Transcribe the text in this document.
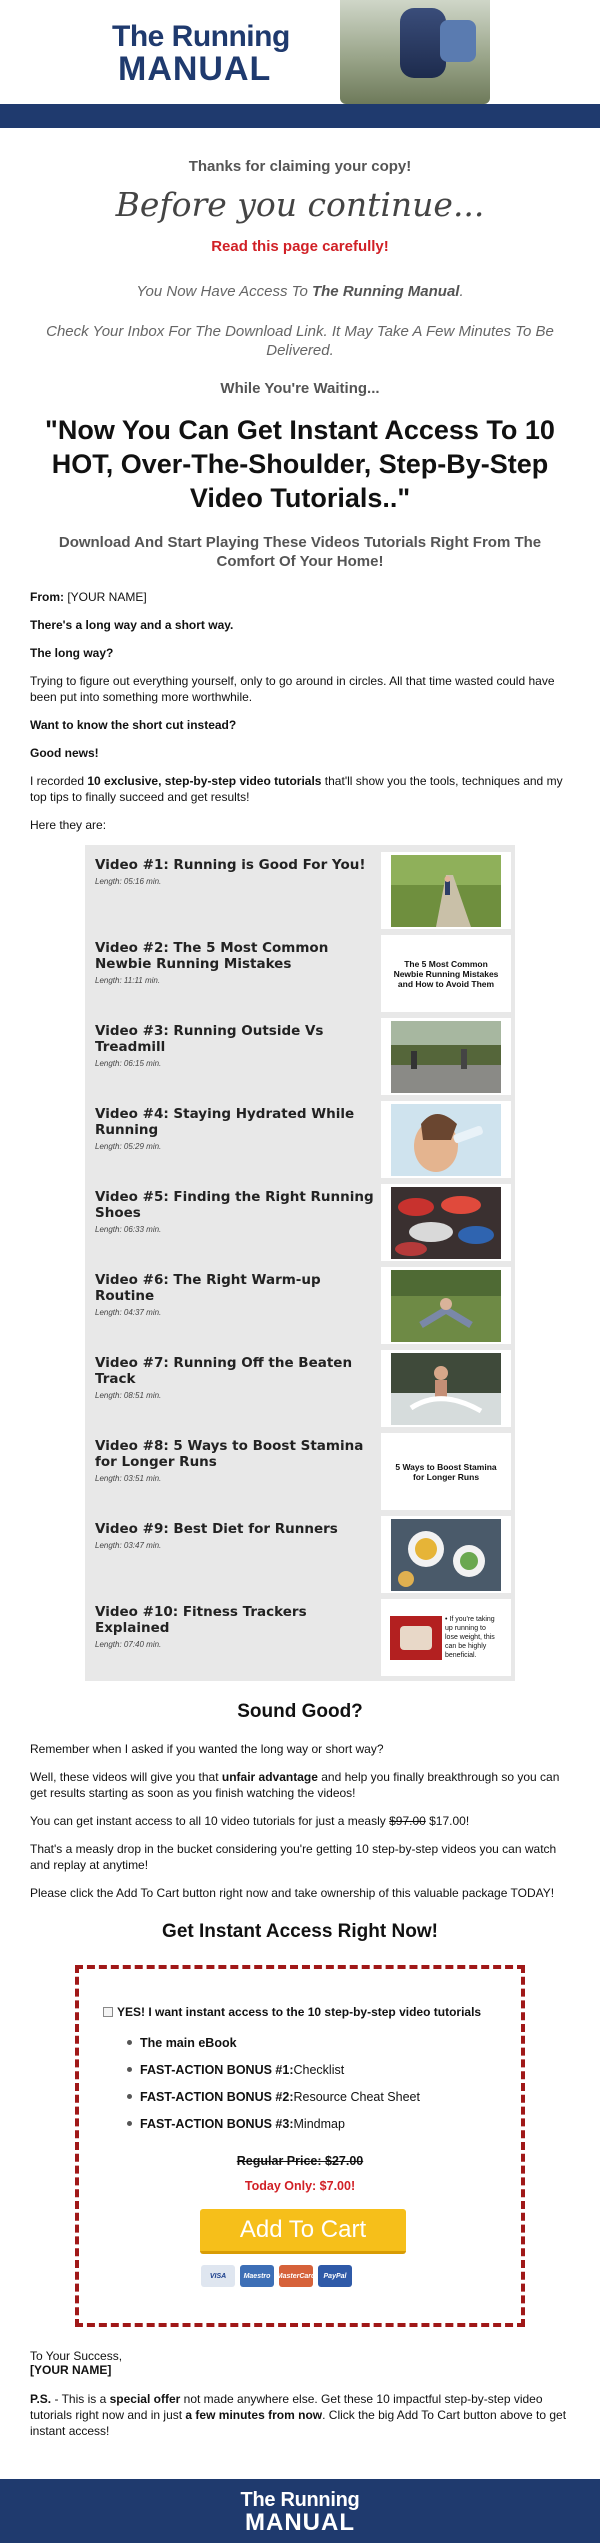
The Running
MANUAL
Thanks for claiming your copy!
Before you continue...
Read this page carefully!
You Now Have Access To The Running Manual.
Check Your Inbox For The Download Link. It May Take A Few Minutes To Be Delivered.
While You're Waiting...
"Now You Can Get Instant Access To 10 HOT, Over-The-Shoulder, Step-By-Step Video Tutorials.."
Download And Start Playing These Videos Tutorials Right From The Comfort Of Your Home!

From: [YOUR NAME]

There's a long way and a short way.

The long way?

Trying to figure out everything yourself, only to go around in circles. All that time wasted could have been put into something more worthwhile.

Want to know the short cut instead?

Good news!

I recorded 10 exclusive, step-by-step video tutorials that'll show you the tools, techniques and my top tips to finally succeed and get results!

Here they are:

Video #1: Running is Good For You!
Length: 05:16 min.
Video #2: The 5 Most Common Newbie Running Mistakes
Length: 11:11 min.
The 5 Most Common Newbie Running Mistakes and How to Avoid Them
Video #3: Running Outside Vs Treadmill
Length: 06:15 min.
Video #4: Staying Hydrated While Running
Length: 05:29 min.
Video #5: Finding the Right Running Shoes
Length: 06:33 min.
Video #6: The Right Warm-up Routine
Length: 04:37 min.
Video #7: Running Off the Beaten Track
Length: 08:51 min.
Video #8: 5 Ways to Boost Stamina for Longer Runs
Length: 03:51 min.
5 Ways to Boost Stamina for Longer Runs
Video #9: Best Diet for Runners
Length: 03:47 min.
Video #10: Fitness Trackers Explained
Length: 07:40 min.
• If you're taking up running to lose weight, this can be highly beneficial.
Sound Good?

Remember when I asked if you wanted the long way or short way?

Well, these videos will give you that unfair advantage and help you finally breakthrough so you can get results starting as soon as you finish watching the videos!

You can get instant access to all 10 video tutorials for just a measly $97.00 $17.00!

That's a measly drop in the bucket considering you're getting 10 step-by-step videos you can watch and replay at anytime!

Please click the Add To Cart button right now and take ownership of this valuable package TODAY!

Get Instant Access Right Now!
YES! I want instant access to the 10 step-by-step video tutorials
The main eBook
FAST-ACTION BONUS #1: Checklist
FAST-ACTION BONUS #2: Resource Cheat Sheet
FAST-ACTION BONUS #3: Mindmap
Regular Price: $27.00
Today Only: $7.00!
Add To Cart
VISA	Maestro MasterCard	PayPal
To Your Success,
[YOUR NAME]
P.S. - This is a special offer not made anywhere else. Get these 10 impactful step-by-step video tutorials right now and in just a few minutes from now. Click the big Add To Cart button above to get instant access!
The Running
MANUAL
